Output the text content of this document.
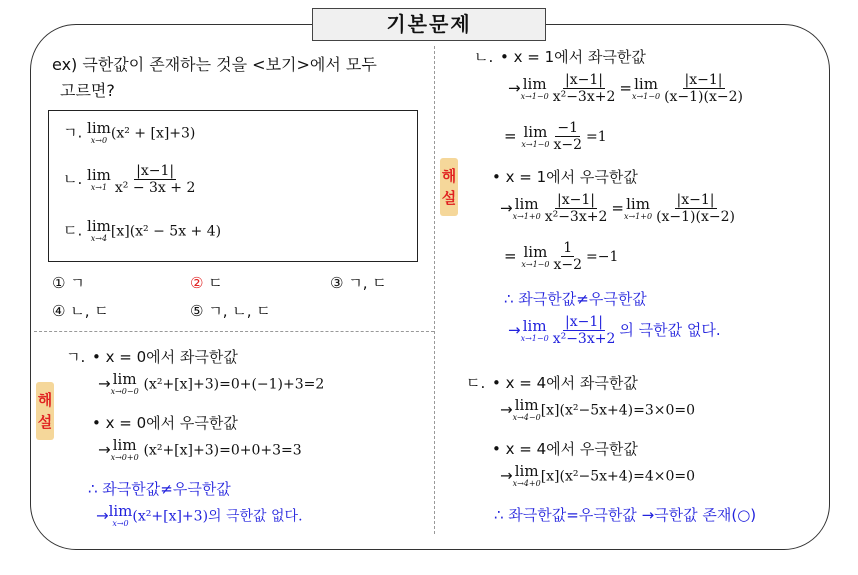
기본문제
ex) 극한값이 존재하는 것을 <보기>에서 모두
고르면?
ㄱ. lim
x→0 (x² + [x]+3)
ㄴ. lim
$x\to 1 \frac{|x-1|}{\text{x² − 3x + 2}}$
ㄷ. lim
x→4 [x](x² − 5x + 4)
① ㄱ	② ㄷ	③ ㄱ, ㄷ
④ ㄴ, ㄷ	⑤ ㄱ, ㄴ, ㄷ
해
설
ㄱ. • x = 0에서 좌극한값
→ lim
x→0−0 (x²+[x]+3)=0+(−1)+3=2
• x = 0에서 우극한값
→ lim
x→0+0 (x²+[x]+3)=0+0+3=3
∴ 좌극한값≠우극한값
→ lim
x→0 (x²+[x]+3)의 극한값 없다.
해
설
ㄴ. • x = 1에서 좌극한값
→ lim
$x\to 1-0 \frac{|x-1|}{\text{x²−3x+2}} = \lim$
$x\to 1-0 \frac{|x-1|}{(x-1)(x-2)}$
= lim
$x\to 1-0 \frac{-1}{x-2} =1$
• x = 1에서 우극한값
→ lim
$x\to 1+0 \frac{|x-1|}{\text{x²−3x+2}} = \lim$
$x\to 1+0 \frac{|x-1|}{(x-1)(x-2)}$
= lim
$x\to 1-0 \frac{1}{x-2} =-1$
∴ 좌극한값≠우극한값
→ lim
$x\to 1-0 \frac{|x-1|}{\text{x²−3x+2}}$ 의 극한값 없다.
ㄷ. • x = 4에서 좌극한값
→ lim
x→4−0 [x](x²−5x+4)=3×0=0
• x = 4에서 우극한값
→ lim
x→4+0 [x](x²−5x+4)=4×0=0
∴ 좌극한값=우극한값 →극한값 존재(○)
